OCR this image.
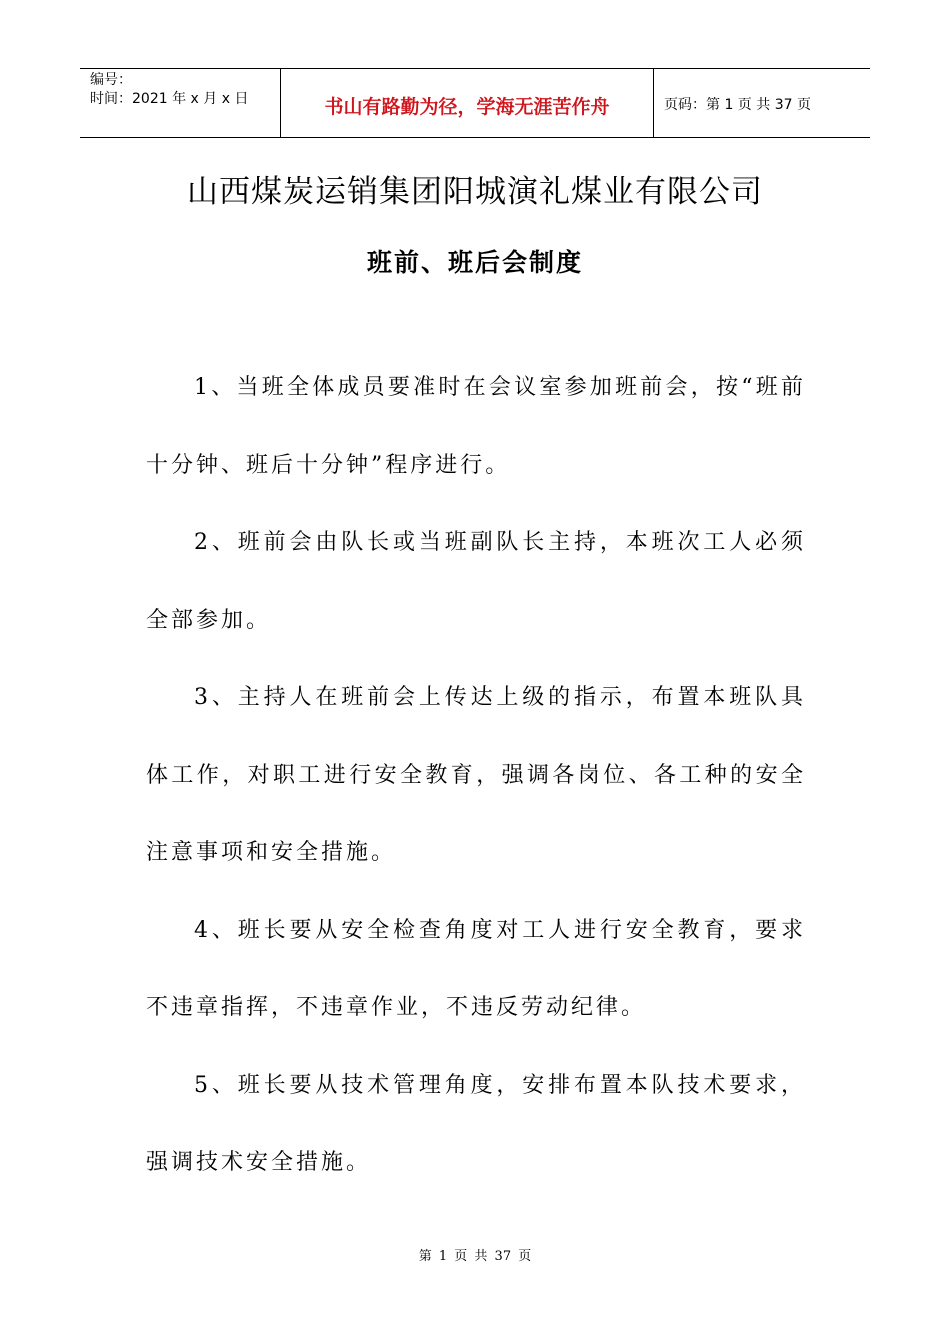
编号：
时间：2021 年 x 月 x 日	书山有路勤为径，学海无涯苦作舟	页码：第 1 页 共 37 页
山西煤炭运销集团阳城演礼煤业有限公司
班前、班后会制度

1、当班全体成员要准时在会议室参加班前会，按“班前十分钟、班后十分钟”程序进行。

2、班前会由队长或当班副队长主持，本班次工人必须全部参加。

3、主持人在班前会上传达上级的指示，布置本班队具体工作，对职工进行安全教育，强调各岗位、各工种的安全注意事项和安全措施。

4、班长要从安全检查角度对工人进行安全教育，要求不违章指挥，不违章作业，不违反劳动纪律。

5、班长要从技术管理角度，安排布置本队技术要求，强调技术安全措施。

第 1 页 共 37 页
